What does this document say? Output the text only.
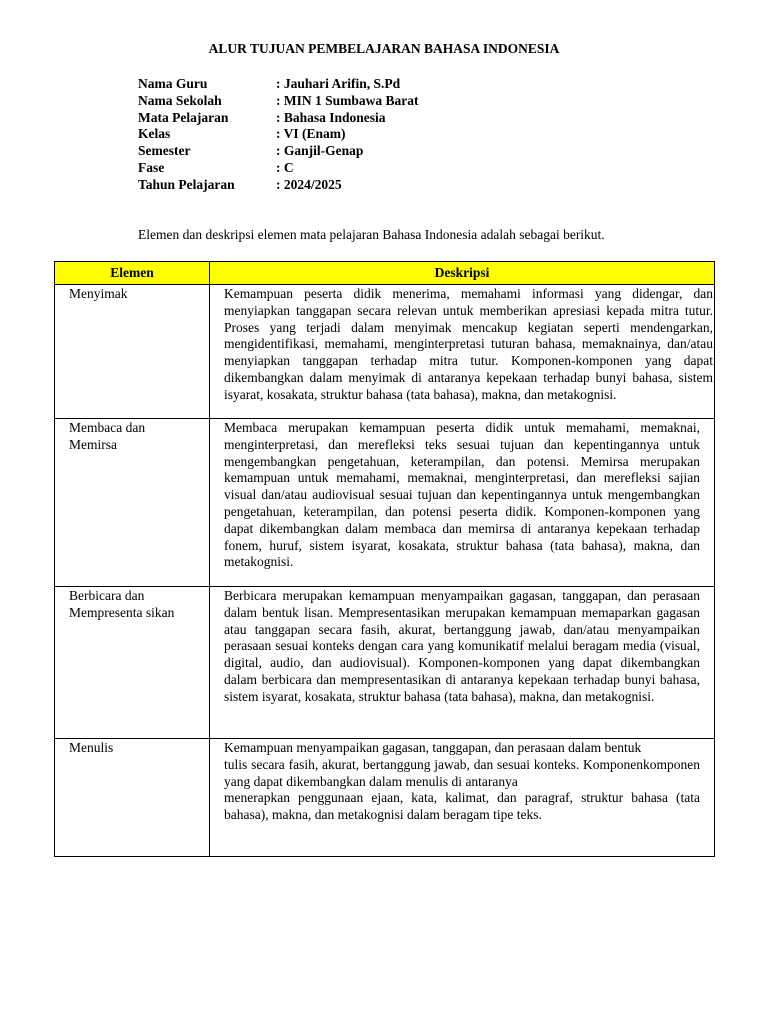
ALUR TUJUAN PEMBELAJARAN BAHASA INDONESIA
Nama Guru	: Jauhari Arifin, S.Pd
Nama Sekolah	: MIN 1 Sumbawa Barat
Mata Pelajaran	: Bahasa Indonesia
Kelas	: VI (Enam)
Semester	: Ganjil-Genap
Fase	: C
Tahun Pelajaran	: 2024/2025
Elemen dan deskripsi elemen mata pelajaran Bahasa Indonesia adalah sebagai berikut.
Elemen	Deskripsi
Menyimak	Kemampuan peserta didik menerima, memahami informasi yang didengar, dan menyiapkan tanggapan secara relevan untuk memberikan apresiasi kepada mitra tutur. Proses yang terjadi dalam menyimak mencakup kegiatan seperti mendengarkan, mengidentifikasi, memahami, menginterpretasi tuturan bahasa, memaknainya, dan/atau menyiapkan tanggapan terhadap mitra tutur. Komponen-komponen yang dapat dikembangkan dalam menyimak di antaranya kepekaan terhadap bunyi bahasa, sistem isyarat, kosakata, struktur bahasa (tata bahasa), makna, dan metakognisi.
Membaca dan Memirsa	Membaca merupakan kemampuan peserta didik untuk memahami, memaknai, menginterpretasi, dan merefleksi teks sesuai tujuan dan kepentingannya untuk mengembangkan pengetahuan, keterampilan, dan potensi. Memirsa merupakan kemampuan untuk memahami, memaknai, menginterpretasi, dan merefleksi sajian visual dan/atau audiovisual sesuai tujuan dan kepentingannya untuk mengembangkan pengetahuan, keterampilan, dan potensi peserta didik. Komponen-komponen yang dapat dikembangkan dalam membaca dan memirsa di antaranya kepekaan terhadap fonem, huruf, sistem isyarat, kosakata, struktur bahasa (tata bahasa), makna, dan metakognisi.
Berbicara dan Mempresenta sikan	Berbicara merupakan kemampuan menyampaikan gagasan, tanggapan, dan perasaan dalam bentuk lisan. Mempresentasikan merupakan kemampuan memaparkan gagasan atau tanggapan secara fasih, akurat, bertanggung jawab, dan/atau menyampaikan perasaan sesuai konteks dengan cara yang komunikatif melalui beragam media (visual, digital, audio, dan audiovisual). Komponen-komponen yang dapat dikembangkan dalam berbicara dan mempresentasikan di antaranya kepekaan terhadap bunyi bahasa, sistem isyarat, kosakata, struktur bahasa (tata bahasa), makna, dan metakognisi.
Menulis	Kemampuan menyampaikan gagasan, tanggapan, dan perasaan dalam bentuk
tulis secara fasih, akurat, bertanggung jawab, dan sesuai konteks. Komponenkomponen yang dapat dikembangkan dalam menulis di antaranya
menerapkan penggunaan ejaan, kata, kalimat, dan paragraf, struktur bahasa (tata bahasa), makna, dan metakognisi dalam beragam tipe teks.
